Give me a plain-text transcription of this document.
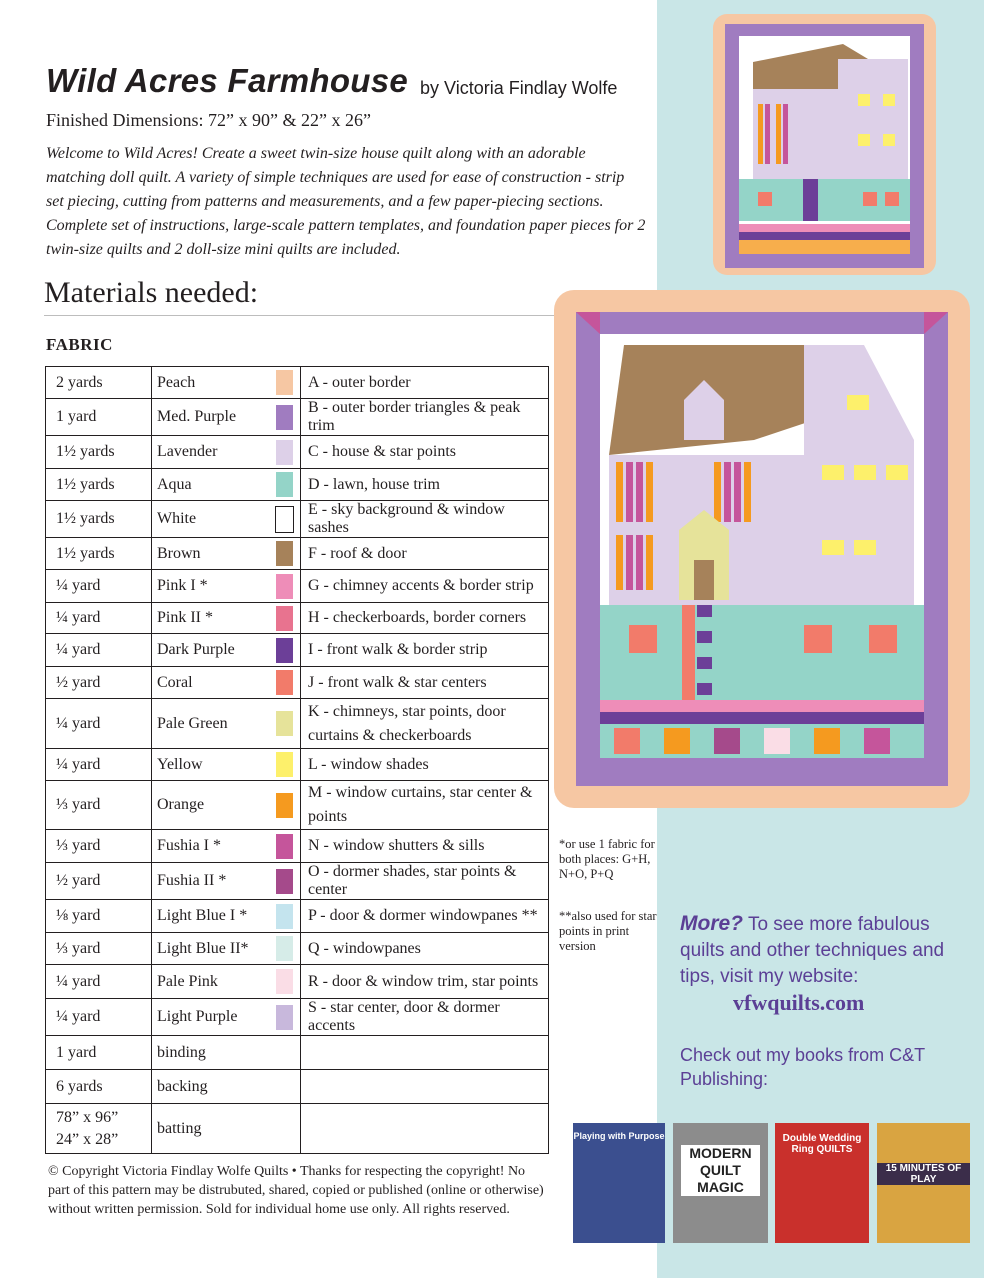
Wild Acres Farmhouse by Victoria Findlay Wolfe
Finished Dimensions: 72” x 90” & 22” x 26”
Welcome to Wild Acres! Create a sweet twin-size house quilt along with an adorable matching doll quilt. A variety of simple techniques are used for ease of construction - strip set piecing, cutting from patterns and measurements, and a few paper-piecing sections. Complete set of instructions, large-scale pattern templates, and foundation paper pieces for 2 twin-size quilts and 2 doll-size mini quilts are included.
Materials needed:
FABRIC
2 yards	Peach		A - outer border
1 yard	Med. Purple		B - outer border triangles & peak trim
1½ yards	Lavender		C - house & star points
1½ yards	Aqua		D - lawn, house trim
1½ yards	White		E - sky background & window sashes
1½ yards	Brown		F - roof & door
¼ yard	Pink I *		G - chimney accents & border strip
¼ yard	Pink II *		H - checkerboards, border corners
¼ yard	Dark Purple		I - front walk & border strip
½ yard	Coral		J - front walk & star centers
¼ yard	Pale Green		K - chimneys, star points, door curtains & checkerboards
¼ yard	Yellow		L - window shades
⅓ yard	Orange		M - window curtains, star center & points
⅓ yard	Fushia I *		N - window shutters & sills
½ yard	Fushia II *		O - dormer shades, star points & center
⅛ yard	Light Blue I *		P - door & dormer windowpanes **
⅓ yard	Light Blue II*		Q - windowpanes
¼ yard	Pale Pink		R - door & window trim, star points
¼ yard	Light Purple		S - star center, door & dormer accents
1 yard	binding		
6 yards	backing		
78” x 96”
24” x 28”	batting		
*or use 1 fabric for both places: G+H, N+O, P+Q
**also used for star points in print version
© Copyright Victoria Findlay Wolfe Quilts • Thanks for respecting the copyright! No part of this pattern may be distrubuted, shared, copied or published (online or otherwise) without written permission. Sold for individual home use only. All rights reserved.
More? To see more fabulous quilts and other techniques and tips, visit my website:
vfwquilts.com
Check out my books from C&T Publishing:
Playing with Purpose
MODERN QUILT MAGIC
Double Wedding Ring QUILTS
15 MINUTES OF PLAY
